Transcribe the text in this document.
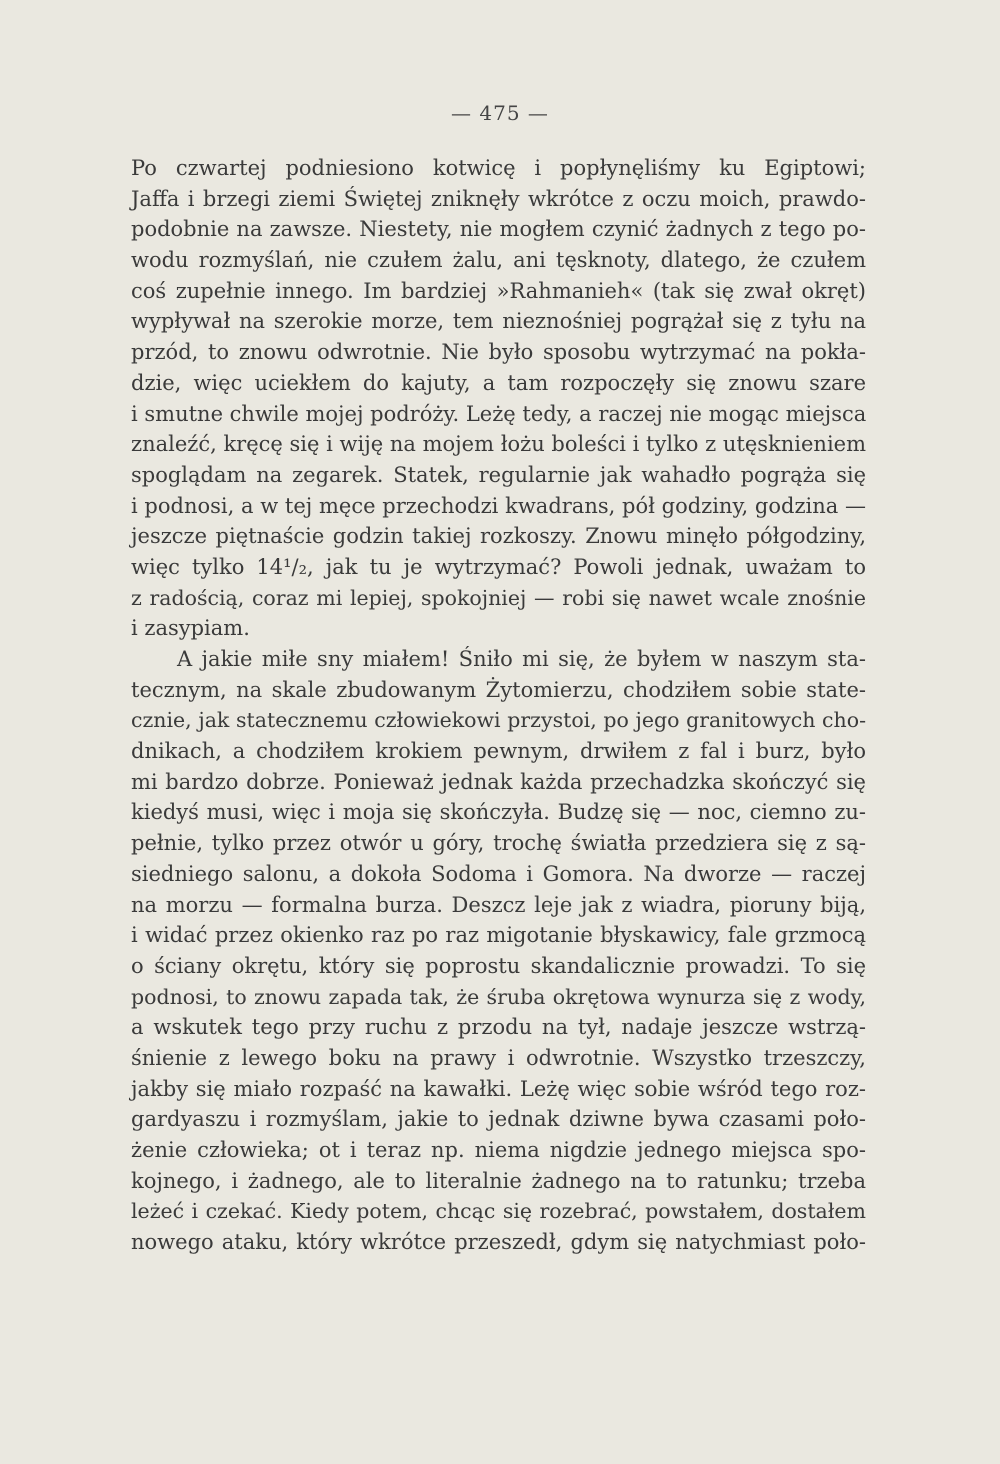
— 475 —
Po czwartej podniesiono kotwicę i popłynęliśmy ku Egiptowi;
Jaffa i brzegi ziemi Świętej zniknęły wkrótce z oczu moich, prawdo-
podobnie na zawsze. Niestety, nie mogłem czynić żadnych z tego po-
wodu rozmyślań, nie czułem żalu, ani tęsknoty, dlatego, że czułem
coś zupełnie innego. Im bardziej »Rahmanieh« (tak się zwał okręt)
wypływał na szerokie morze, tem nieznośniej pogrążał się z tyłu na
przód, to znowu odwrotnie. Nie było sposobu wytrzymać na pokła-
dzie, więc uciekłem do kajuty, a tam rozpoczęły się znowu szare
i smutne chwile mojej podróży. Leżę tedy, a raczej nie mogąc miejsca
znaleźć, kręcę się i wiję na mojem łożu boleści i tylko z utęsknieniem
spoglądam na zegarek. Statek, regularnie jak wahadło pogrąża się
i podnosi, a w tej męce przechodzi kwadrans, pół godziny, godzina —
jeszcze piętnaście godzin takiej rozkoszy. Znowu minęło półgodziny,
więc tylko 14¹/₂, jak tu je wytrzymać? Powoli jednak, uważam to
z radością, coraz mi lepiej, spokojniej — robi się nawet wcale znośnie
i zasypiam.
A jakie miłe sny miałem! Śniło mi się, że byłem w naszym sta-
tecznym, na skale zbudowanym Żytomierzu, chodziłem sobie state-
cznie, jak statecznemu człowiekowi przystoi, po jego granitowych cho-
dnikach, a chodziłem krokiem pewnym, drwiłem z fal i burz, było
mi bardzo dobrze. Ponieważ jednak każda przechadzka skończyć się
kiedyś musi, więc i moja się skończyła. Budzę się — noc, ciemno zu-
pełnie, tylko przez otwór u góry, trochę światła przedziera się z są-
siedniego salonu, a dokoła Sodoma i Gomora. Na dworze — raczej
na morzu — formalna burza. Deszcz leje jak z wiadra, pioruny biją,
i widać przez okienko raz po raz migotanie błyskawicy, fale grzmocą
o ściany okrętu, który się poprostu skandalicznie prowadzi. To się
podnosi, to znowu zapada tak, że śruba okrętowa wynurza się z wody,
a wskutek tego przy ruchu z przodu na tył, nadaje jeszcze wstrzą-
śnienie z lewego boku na prawy i odwrotnie. Wszystko trzeszczy,
jakby się miało rozpaść na kawałki. Leżę więc sobie wśród tego roz-
gardyaszu i rozmyślam, jakie to jednak dziwne bywa czasami poło-
żenie człowieka; ot i teraz np. niema nigdzie jednego miejsca spo-
kojnego, i żadnego, ale to literalnie żadnego na to ratunku; trzeba
leżeć i czekać. Kiedy potem, chcąc się rozebrać, powstałem, dostałem
nowego ataku, który wkrótce przeszedł, gdym się natychmiast poło-
